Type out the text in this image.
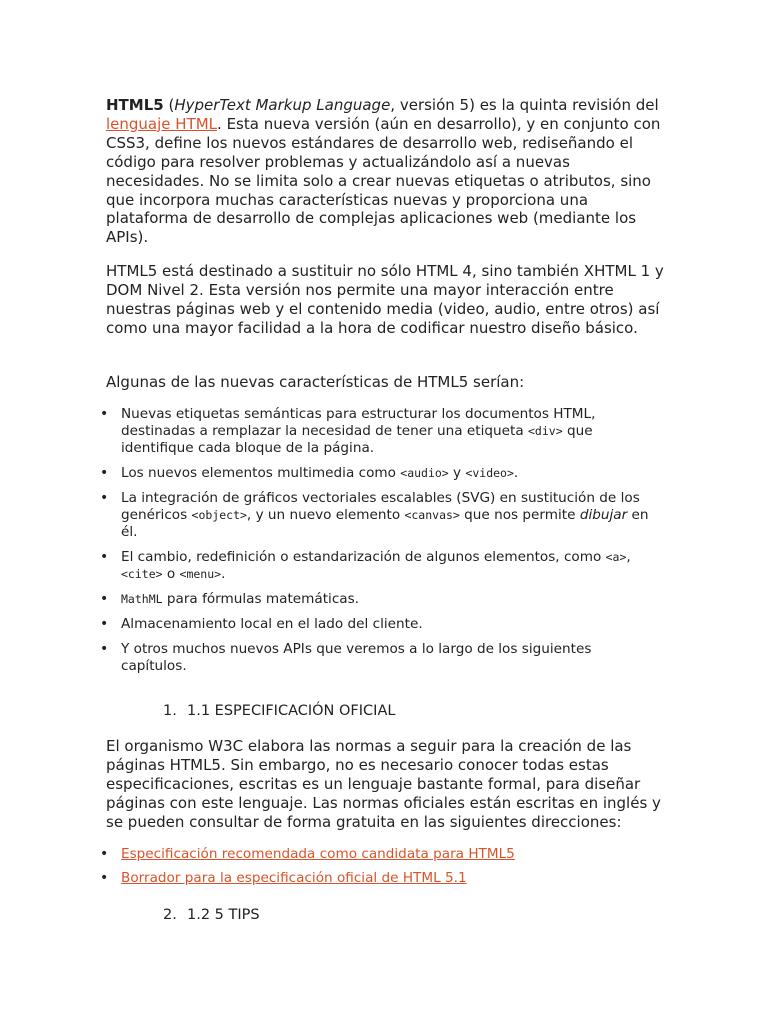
HTML5 (HyperText Markup Language, versión 5) es la quinta revisión del lenguaje HTML. Esta nueva versión (aún en desarrollo), y en conjunto con CSS3, define los nuevos estándares de desarrollo web, rediseñando el código para resolver problemas y actualizándolo así a nuevas necesidades. No se limita solo a crear nuevas etiquetas o atributos, sino que incorpora muchas características nuevas y proporciona una plataforma de desarrollo de complejas aplicaciones web (mediante los APIs).

HTML5 está destinado a sustituir no sólo HTML 4, sino también XHTML 1 y DOM Nivel 2. Esta versión nos permite una mayor interacción entre nuestras páginas web y el contenido media (video, audio, entre otros) así como una mayor facilidad a la hora de codificar nuestro diseño básico.

Algunas de las nuevas características de HTML5 serían:

• Nuevas etiquetas semánticas para estructurar los documentos HTML, destinadas a remplazar la necesidad de tener una etiqueta <div> que identifique cada bloque de la página.
• Los nuevos elementos multimedia como <audio> y <video>.
• La integración de gráficos vectoriales escalables (SVG) en sustitución de los genéricos <object>, y un nuevo elemento <canvas> que nos permite dibujar en él.
• El cambio, redefinición o estandarización de algunos elementos, como <a>, <cite> o <menu>.
• MathML para fórmulas matemáticas.
• Almacenamiento local en el lado del cliente.
• Y otros muchos nuevos APIs que veremos a lo largo de los siguientes capítulos.

1. 1.1 ESPECIFICACIÓN OFICIAL

El organismo W3C elabora las normas a seguir para la creación de las páginas HTML5. Sin embargo, no es necesario conocer todas estas especificaciones, escritas es un lenguaje bastante formal, para diseñar páginas con este lenguaje. Las normas oficiales están escritas en inglés y se pueden consultar de forma gratuita en las siguientes direcciones:

• Especificación recomendada como candidata para HTML5
• Borrador para la especificación oficial de HTML 5.1

2. 1.2 5 TIPS
